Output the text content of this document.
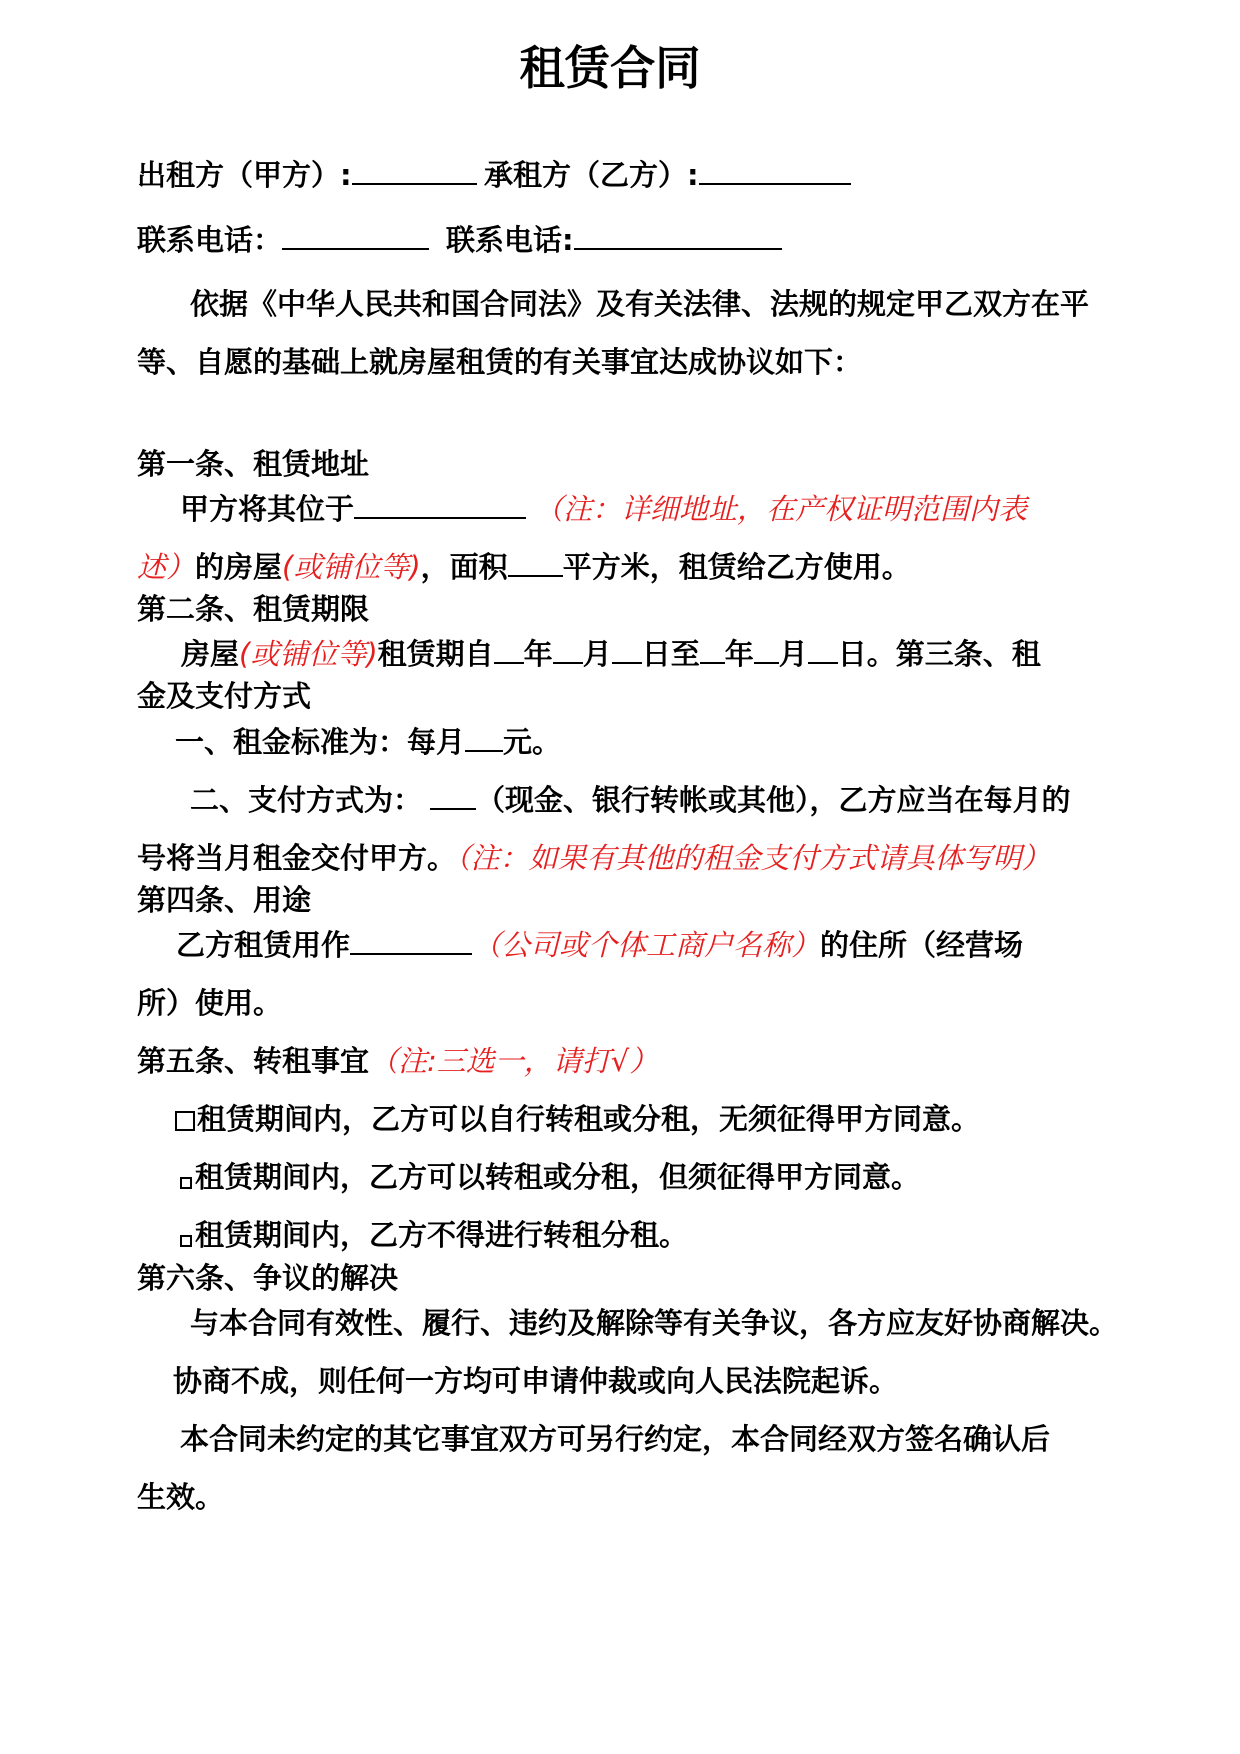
租赁合同
出租方（甲方）:	承租方（乙方）:
联系电话：	联系电话:
依据《中华人民共和国合同法》及有关法律、法规的规定甲乙双方在平
等、自愿的基础上就房屋租赁的有关事宜达成协议如下：
第一条、租赁地址
甲方将其位于	（注：详细地址，在产权证明范围内表
述）的房屋(或铺位等)，面积 平方米，租赁给乙方使用。
第二条、租赁期限
房屋(或铺位等)租赁期自 年 月 日至 年 月 日。第三条、租
金及支付方式
一、租金标准为：每月 元。
二、支付方式为： （现金、银行转帐或其他），乙方应当在每月的
号将当月租金交付甲方。（注：如果有其他的租金支付方式请具体写明）
第四条、用途
乙方租赁用作	（公司或个体工商户名称）的住所（经营场
所）使用。
第五条、转租事宜（注:三选一，请打√）
租赁期间内，乙方可以自行转租或分租，无须征得甲方同意。
租赁期间内，乙方可以转租或分租，但须征得甲方同意。
租赁期间内，乙方不得进行转租分租。
第六条、争议的解决
与本合同有效性、履行、违约及解除等有关争议，各方应友好协商解决。
协商不成，则任何一方均可申请仲裁或向人民法院起诉。
本合同未约定的其它事宜双方可另行约定，本合同经双方签名确认后
生效。
